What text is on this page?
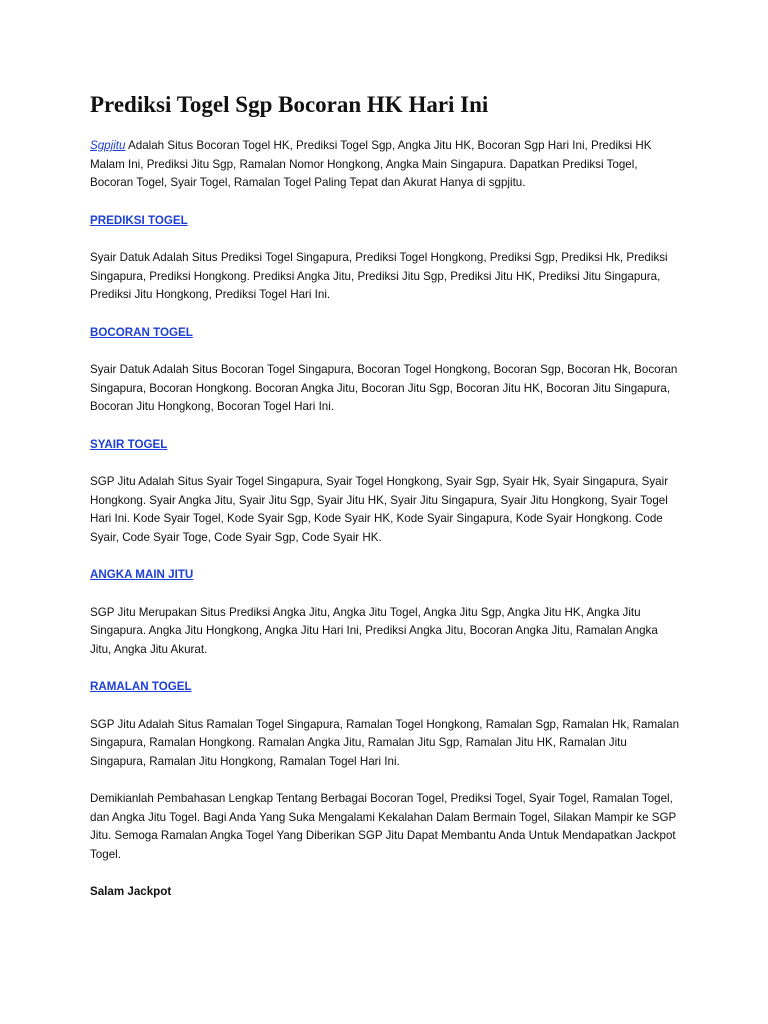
Prediksi Togel Sgp Bocoran HK Hari Ini

Sgpjitu Adalah Situs Bocoran Togel HK, Prediksi Togel Sgp, Angka Jitu HK, Bocoran Sgp Hari Ini, Prediksi HK Malam Ini, Prediksi Jitu Sgp, Ramalan Nomor Hongkong, Angka Main Singapura. Dapatkan Prediksi Togel, Bocoran Togel, Syair Togel, Ramalan Togel Paling Tepat dan Akurat Hanya di sgpjitu.

PREDIKSI TOGEL

Syair Datuk Adalah Situs Prediksi Togel Singapura, Prediksi Togel Hongkong, Prediksi Sgp, Prediksi Hk, Prediksi Singapura, Prediksi Hongkong. Prediksi Angka Jitu, Prediksi Jitu Sgp, Prediksi Jitu HK, Prediksi Jitu Singapura, Prediksi Jitu Hongkong, Prediksi Togel Hari Ini.

BOCORAN TOGEL

Syair Datuk Adalah Situs Bocoran Togel Singapura, Bocoran Togel Hongkong, Bocoran Sgp, Bocoran Hk, Bocoran Singapura, Bocoran Hongkong. Bocoran Angka Jitu, Bocoran Jitu Sgp, Bocoran Jitu HK, Bocoran Jitu Singapura, Bocoran Jitu Hongkong, Bocoran Togel Hari Ini.

SYAIR TOGEL

SGP Jitu Adalah Situs Syair Togel Singapura, Syair Togel Hongkong, Syair Sgp, Syair Hk, Syair Singapura, Syair Hongkong. Syair Angka Jitu, Syair Jitu Sgp, Syair Jitu HK, Syair Jitu Singapura, Syair Jitu Hongkong, Syair Togel Hari Ini. Kode Syair Togel, Kode Syair Sgp, Kode Syair HK, Kode Syair Singapura, Kode Syair Hongkong. Code Syair, Code Syair Toge, Code Syair Sgp, Code Syair HK.

ANGKA MAIN JITU

SGP Jitu Merupakan Situs Prediksi Angka Jitu, Angka Jitu Togel, Angka Jitu Sgp, Angka Jitu HK, Angka Jitu Singapura. Angka Jitu Hongkong, Angka Jitu Hari Ini, Prediksi Angka Jitu, Bocoran Angka Jitu, Ramalan Angka Jitu, Angka Jitu Akurat.

RAMALAN TOGEL

SGP Jitu Adalah Situs Ramalan Togel Singapura, Ramalan Togel Hongkong, Ramalan Sgp, Ramalan Hk, Ramalan Singapura, Ramalan Hongkong. Ramalan Angka Jitu, Ramalan Jitu Sgp, Ramalan Jitu HK, Ramalan Jitu Singapura, Ramalan Jitu Hongkong, Ramalan Togel Hari Ini.

Demikianlah Pembahasan Lengkap Tentang Berbagai Bocoran Togel, Prediksi Togel, Syair Togel, Ramalan Togel, dan Angka Jitu Togel. Bagi Anda Yang Suka Mengalami Kekalahan Dalam Bermain Togel, Silakan Mampir ke SGP Jitu. Semoga Ramalan Angka Togel Yang Diberikan SGP Jitu Dapat Membantu Anda Untuk Mendapatkan Jackpot Togel.

Salam Jackpot
